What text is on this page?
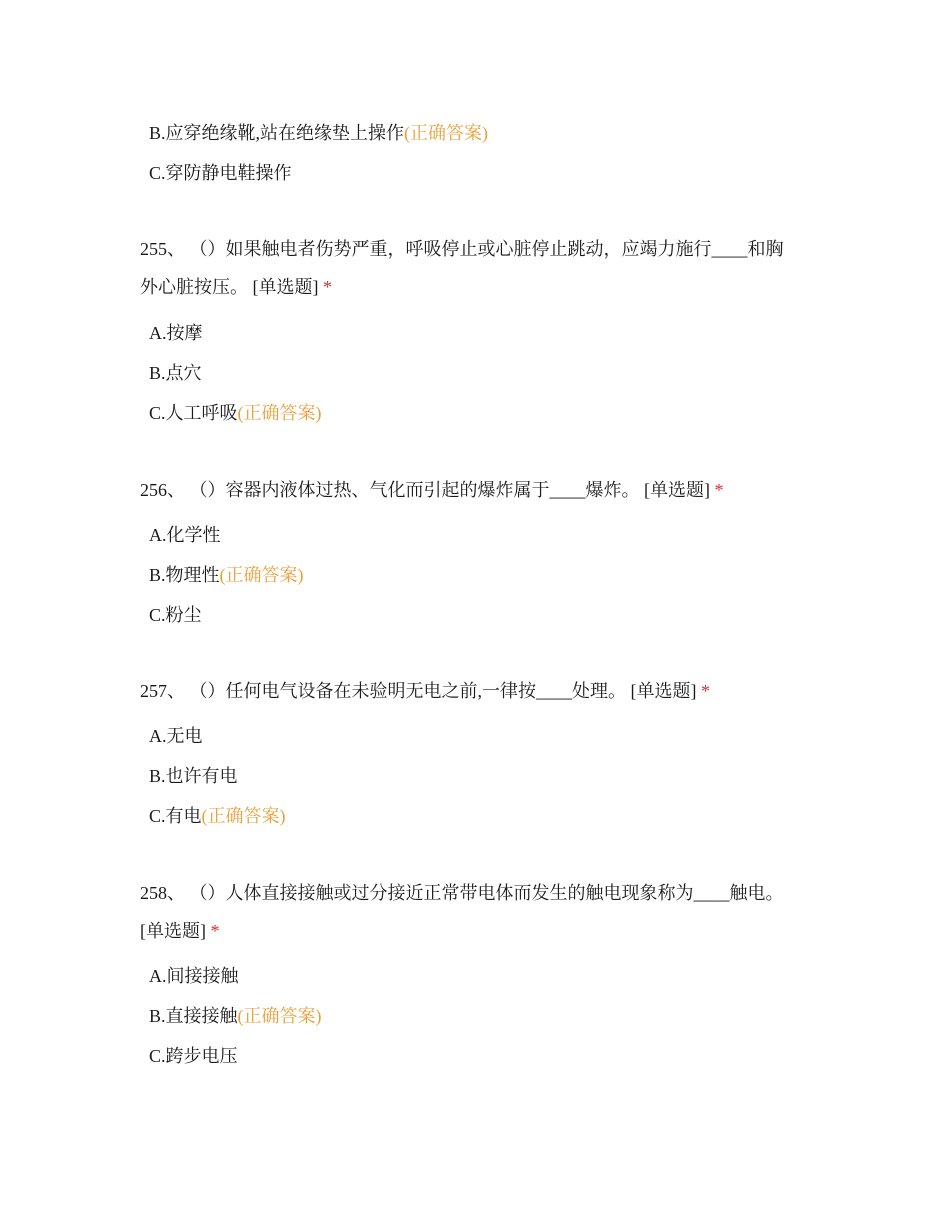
B.应穿绝缘靴,站在绝缘垫上操作(正确答案)
C.穿防静电鞋操作
255、 （）如果触电者伤势严重，呼吸停止或心脏停止跳动，应竭力施行____和胸
外心脏按压。 [单选题] *
A.按摩
B.点穴
C.人工呼吸(正确答案)
256、 （）容器内液体过热、气化而引起的爆炸属于____爆炸。 [单选题] *
A.化学性
B.物理性(正确答案)
C.粉尘
257、 （）任何电气设备在未验明无电之前,一律按____处理。 [单选题] *
A.无电
B.也许有电
C.有电(正确答案)
258、 （）人体直接接触或过分接近正常带电体而发生的触电现象称为____触电。
[单选题] *
A.间接接触
B.直接接触(正确答案)
C.跨步电压
